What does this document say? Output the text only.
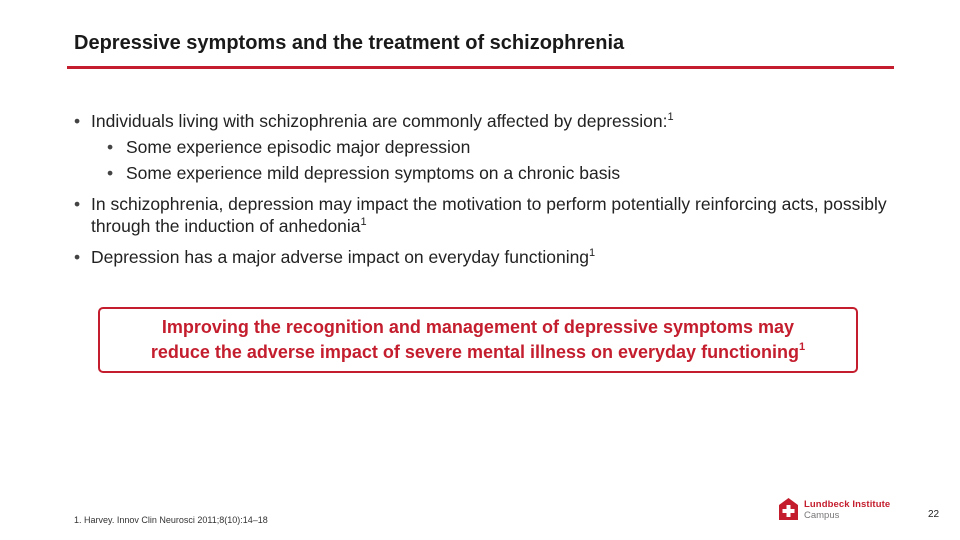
Depressive symptoms and the treatment of schizophrenia
• Individuals living with schizophrenia are commonly affected by depression:$^1$
• Some experience episodic major depression
• Some experience mild depression symptoms on a chronic basis
• In schizophrenia, depression may impact the motivation to perform potentially reinforcing acts, possibly through the induction of anhedonia$^1$
• Depression has a major adverse impact on everyday functioning$^1$
Improving the recognition and management of depressive symptoms may
reduce the adverse impact of severe mental illness on everyday functioning$^1$
1. Harvey. Innov Clin Neurosci 2011;8(10):14–18
Lundbeck Institute
Campus	22
